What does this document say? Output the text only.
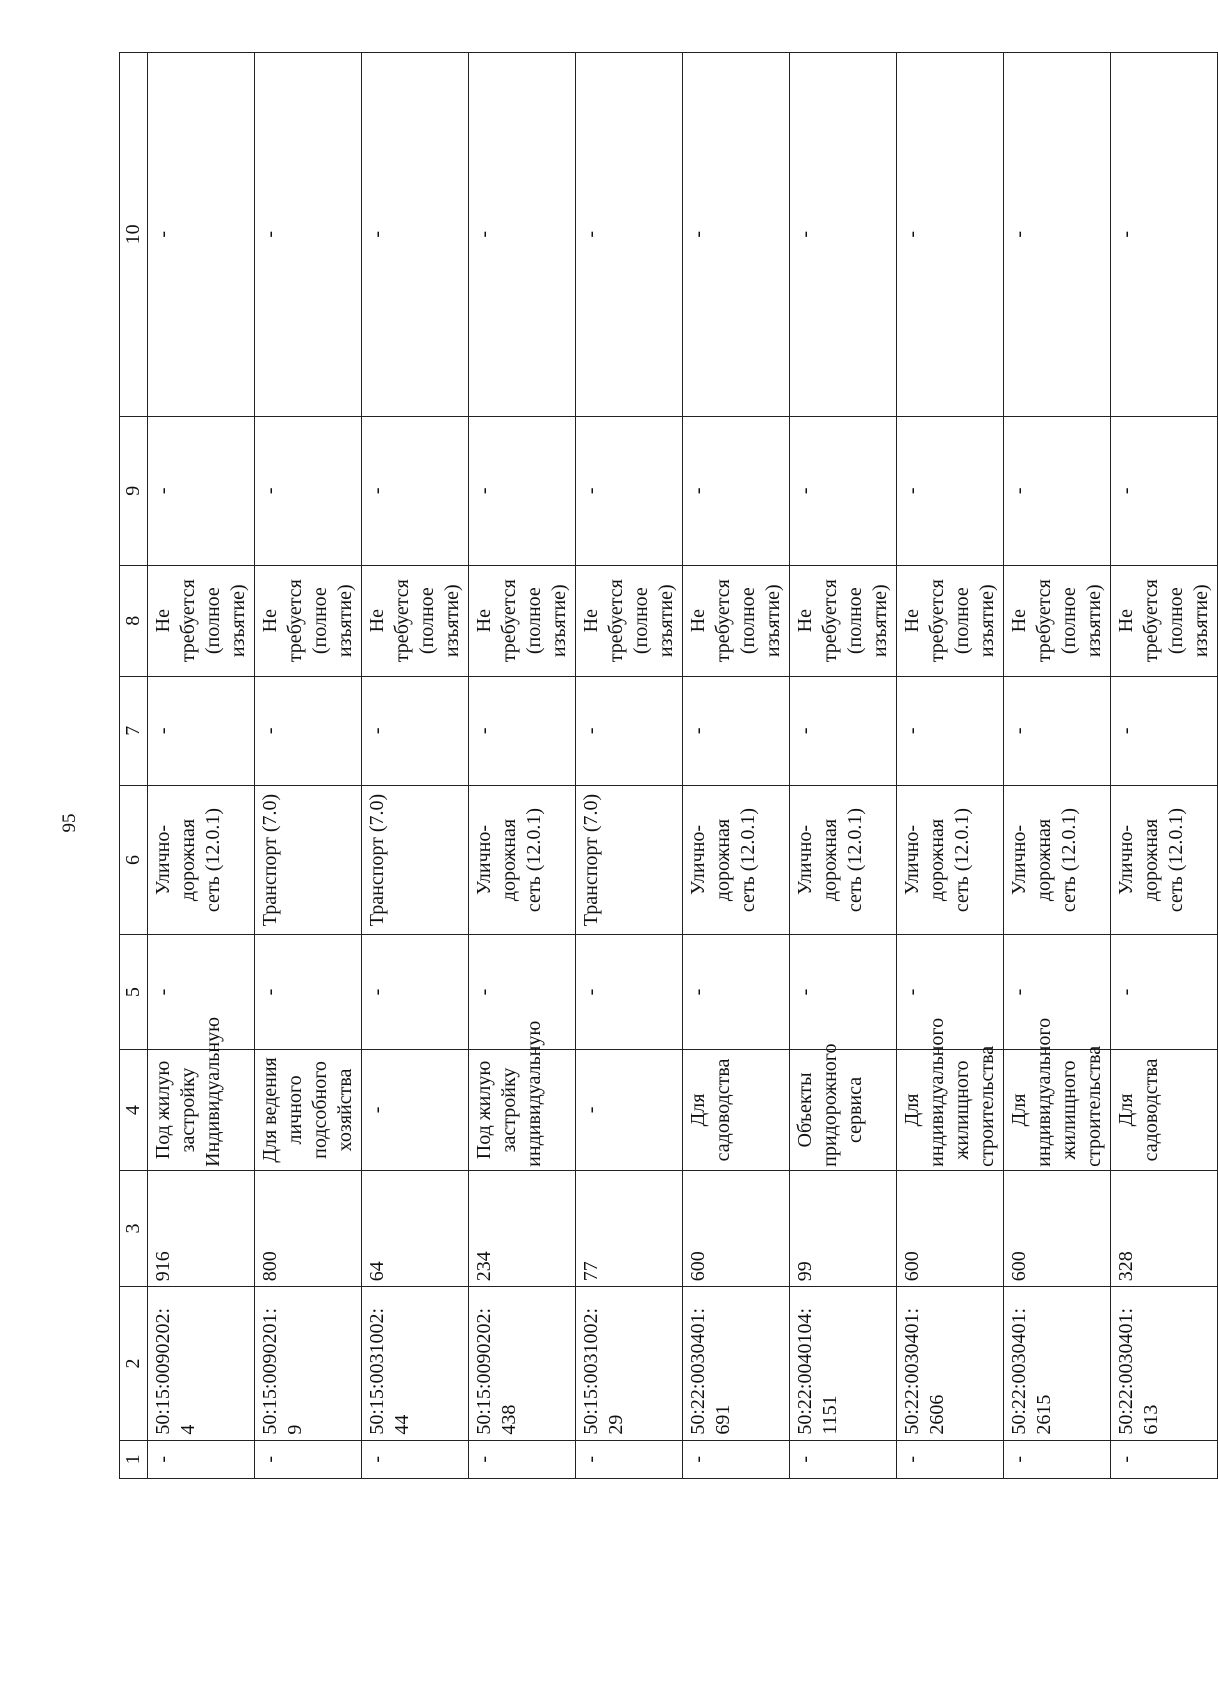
95
1	2	3	4	5	6	7	8	9	10
-	50:15:0090202: 4	916	Под жилую застройку Индивидуальную	-	Улично-дорожная сеть (12.0.1)	-	Не требуется (полное изъятие)	-	-
-	50:15:0090201: 9	800	Для ведения личного подсобного хозяйства	-	Транспорт (7.0)	-	Не требуется (полное изъятие)	-	-
-	50:15:0031002: 44	64	-	-	Транспорт (7.0)	-	Не требуется (полное изъятие)	-	-
-	50:15:0090202: 438	234	Под жилую застройку индивидуальную	-	Улично-дорожная сеть (12.0.1)	-	Не требуется (полное изъятие)	-	-
-	50:15:0031002: 29	77	-	-	Транспорт (7.0)	-	Не требуется (полное изъятие)	-	-
-	50:22:0030401: 691	600	Для садоводства	-	Улично-дорожная сеть (12.0.1)	-	Не требуется (полное изъятие)	-	-
-	50:22:0040104: 1151	99	Объекты придорожного сервиса	-	Улично-дорожная сеть (12.0.1)	-	Не требуется (полное изъятие)	-	-
-	50:22:0030401: 2606	600	Для индивидуального жилищного строительства	-	Улично-дорожная сеть (12.0.1)	-	Не требуется (полное изъятие)	-	-
-	50:22:0030401: 2615	600	Для индивидуального жилищного строительства	-	Улично-дорожная сеть (12.0.1)	-	Не требуется (полное изъятие)	-	-
-	50:22:0030401: 613	328	Для садоводства	-	Улично-дорожная сеть (12.0.1)	-	Не требуется (полное изъятие)	-	-
